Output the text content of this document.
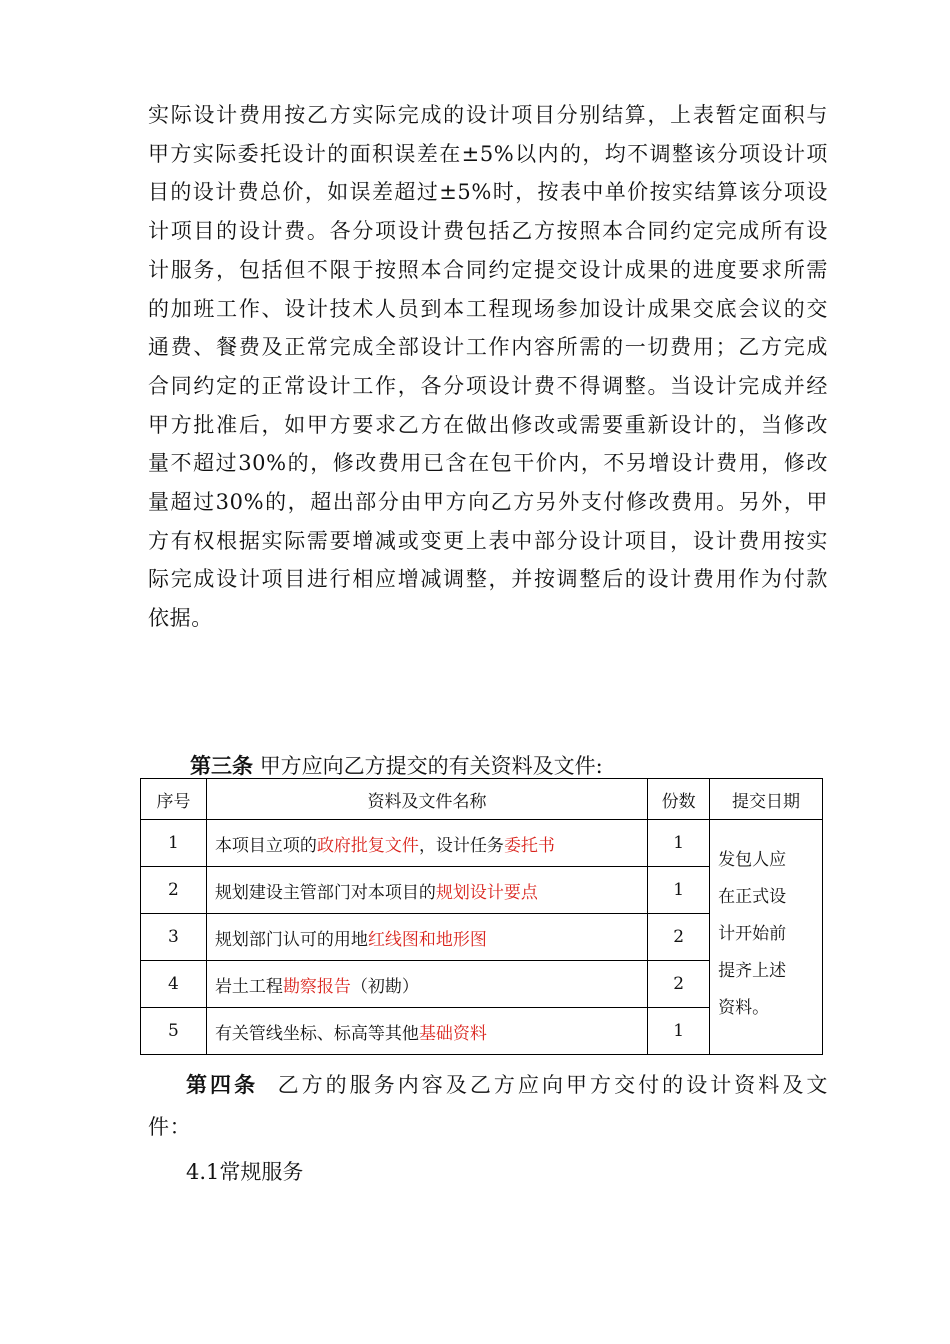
实际设计费用按乙方实际完成的设计项目分别结算，上表暂定面积与
甲方实际委托设计的面积误差在±5%以内的，均不调整该分项设计项
目的设计费总价，如误差超过±5%时，按表中单价按实结算该分项设
计项目的设计费。各分项设计费包括乙方按照本合同约定完成所有设
计服务，包括但不限于按照本合同约定提交设计成果的进度要求所需
的加班工作、设计技术人员到本工程现场参加设计成果交底会议的交
通费、餐费及正常完成全部设计工作内容所需的一切费用；乙方完成
合同约定的正常设计工作，各分项设计费不得调整。当设计完成并经
甲方批准后，如甲方要求乙方在做出修改或需要重新设计的，当修改
量不超过30%的，修改费用已含在包干价内，不另增设计费用，修改
量超过30%的，超出部分由甲方向乙方另外支付修改费用。另外，甲
方有权根据实际需要增减或变更上表中部分设计项目，设计费用按实
际完成设计项目进行相应增减调整，并按调整后的设计费用作为付款
依据。
第三条 甲方应向乙方提交的有关资料及文件:
序号	资料及文件名称	份数	提交日期
1	本项目立项的政府批复文件，设计任务委托书	1	发包人应
在正式设
计开始前
提齐上述
资料。

2	规划建设主管部门对本项目的规划设计要点	1	
3	规划部门认可的用地红线图和地形图	2	
4	岩土工程勘察报告（初勘）	2	
5	有关管线坐标、标高等其他基础资料	1	
第四条 乙方的服务内容及乙方应向甲方交付的设计资料及文
件：
4.1常规服务
